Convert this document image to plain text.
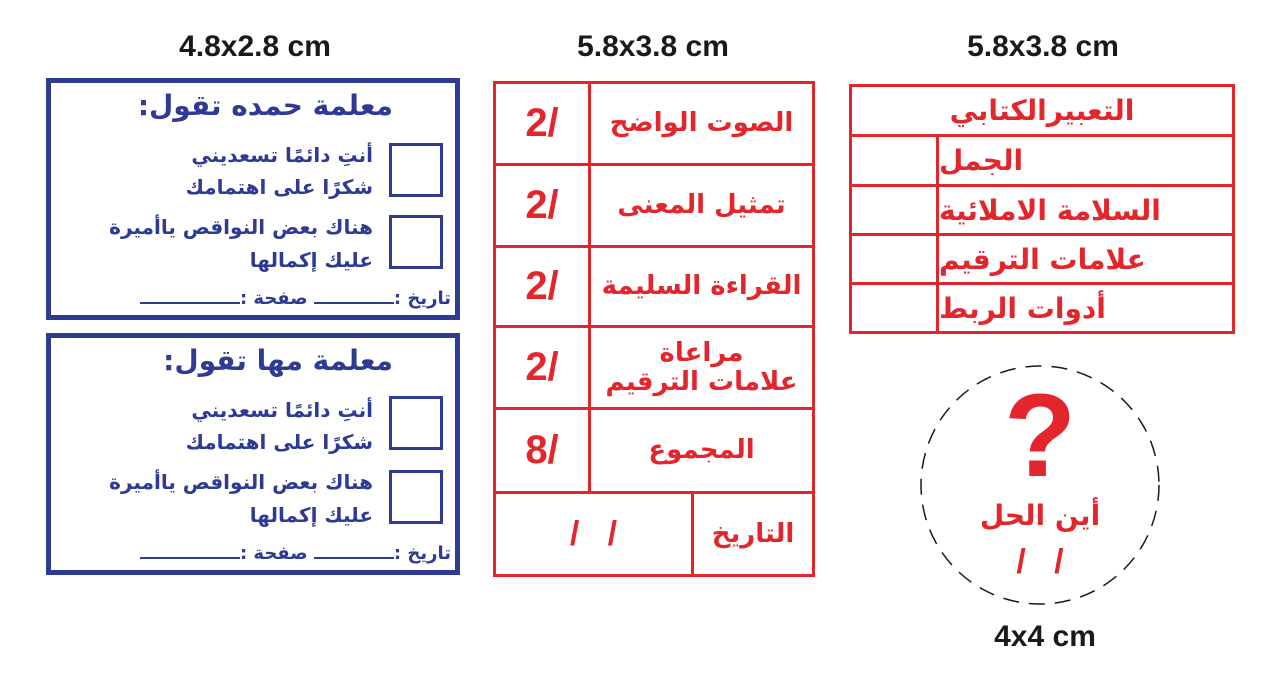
4.8x2.8 cm	5.8x3.8 cm	5.8x3.8 cm
4x4 cm
معلمة حمده تقول:
أنتِ دائمًا تسعديني
شكرًا على اهتمامك
هناك بعض النواقص ياأميرة
عليك إكمالها
تاريخ : صفحة :
معلمة مها تقول:
أنتِ دائمًا تسعديني
شكرًا على اهتمامك
هناك بعض النواقص ياأميرة
عليك إكمالها
تاريخ : صفحة :
2/	الصوت الواضح
2/	تمثيل المعنى
2/	القراءة السليمة
2/	مراعاة
علامات الترقيم
8/	المجموع
/   /	التاريخ
التعبيرالكتابي
الجمل
السلامة الاملائية
علامات الترقيم
أدوات الربط
?
أين الحل
/   /
